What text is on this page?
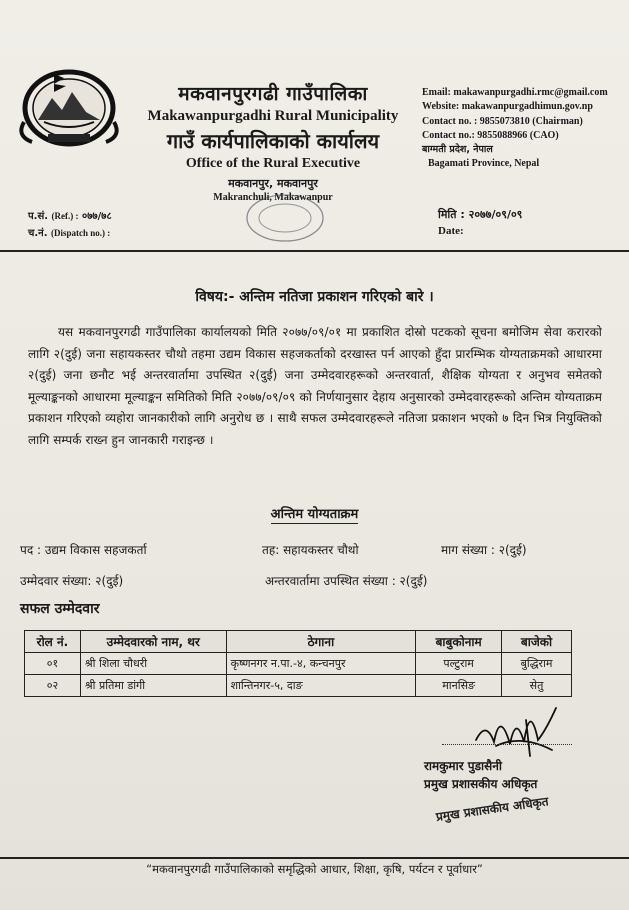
मकवानपुरगढी गाउँपालिका
Makawanpurgadhi Rural Municipality
गाउँ कार्यपालिकाको कार्यालय
Office of the Rural Executive
मकवानपुर, मकवानपुर
Makranchuli, Makawanpur
Email: makawanpurgadhi.rmc@gmail.com
Website: makawanpurgadhimun.gov.np
Contact no. : 9855073810 (Chairman)
Contact no.: 9855088966 (CAO)
बाग्मती प्रदेश, नेपाल
Bagamati Province, Nepal
प.सं. (Ref.) : ०७७/७८
च.नं. (Dispatch no.) :
मिति : २०७७/०९/०९
Date:
विषय:- अन्तिम नतिजा प्रकाशन गरिएको बारे ।
यस मकवानपुरगढी गाउँपालिका कार्यालयको मिति २०७७/०९/०१ मा प्रकाशित दोस्रो पटकको सूचना बमोजिम सेवा करारको लागि २(दुई) जना सहायकस्तर चौथो तहमा उद्यम विकास सहजकर्ताको दरखास्त पर्न आएको हुँदा प्रारम्भिक योग्यताक्रमको आधारमा २(दुई) जना छनौट भई अन्तरवार्तामा उपस्थित २(दुई) जना उम्मेदवारहरूको अन्तरवार्ता, शैक्षिक योग्यता र अनुभव समेतको मूल्याङ्कनको आधारमा मूल्याङ्कन समितिको मिति २०७७/०९/०९ को निर्णयानुसार देहाय अनुसारको उम्मेदवारहरूको अन्तिम योग्यताक्रम प्रकाशन गरिएको व्यहोरा जानकारीको लागि अनुरोध छ । साथै सफल उम्मेदवारहरूले नतिजा प्रकाशन भएको ७ दिन भित्र नियुक्तिको लागि सम्पर्क राख्न हुन जानकारी गराइन्छ ।
अन्तिम योग्यताक्रम
पद : उद्यम विकास सहजकर्ता	तह: सहायकस्तर चौथो	माग संख्या : २(दुई)
उम्मेदवार संख्या: २(दुई)	अन्तरवार्तामा उपस्थित संख्या : २(दुई)
सफल उम्मेदवार
रोल नं.	उम्मेदवारको नाम, थर	ठेगाना	बाबुकोनाम	बाजेको
०१	श्री शिला चौधरी	कृष्णनगर न.पा.-४, कन्चनपुर	पल्टुराम	बुद्धिराम
०२	श्री प्रतिमा डांगी	शान्तिनगर-५, दाङ	मानसिङ	सेतु
रामकुमार पुडासैनी
प्रमुख प्रशासकीय अधिकृत
प्रमुख प्रशासकीय अधिकृत
“मकवानपुरगढी गाउँपालिकाको समृद्धिको आधार, शिक्षा, कृषि, पर्यटन र पूर्वाधार”
